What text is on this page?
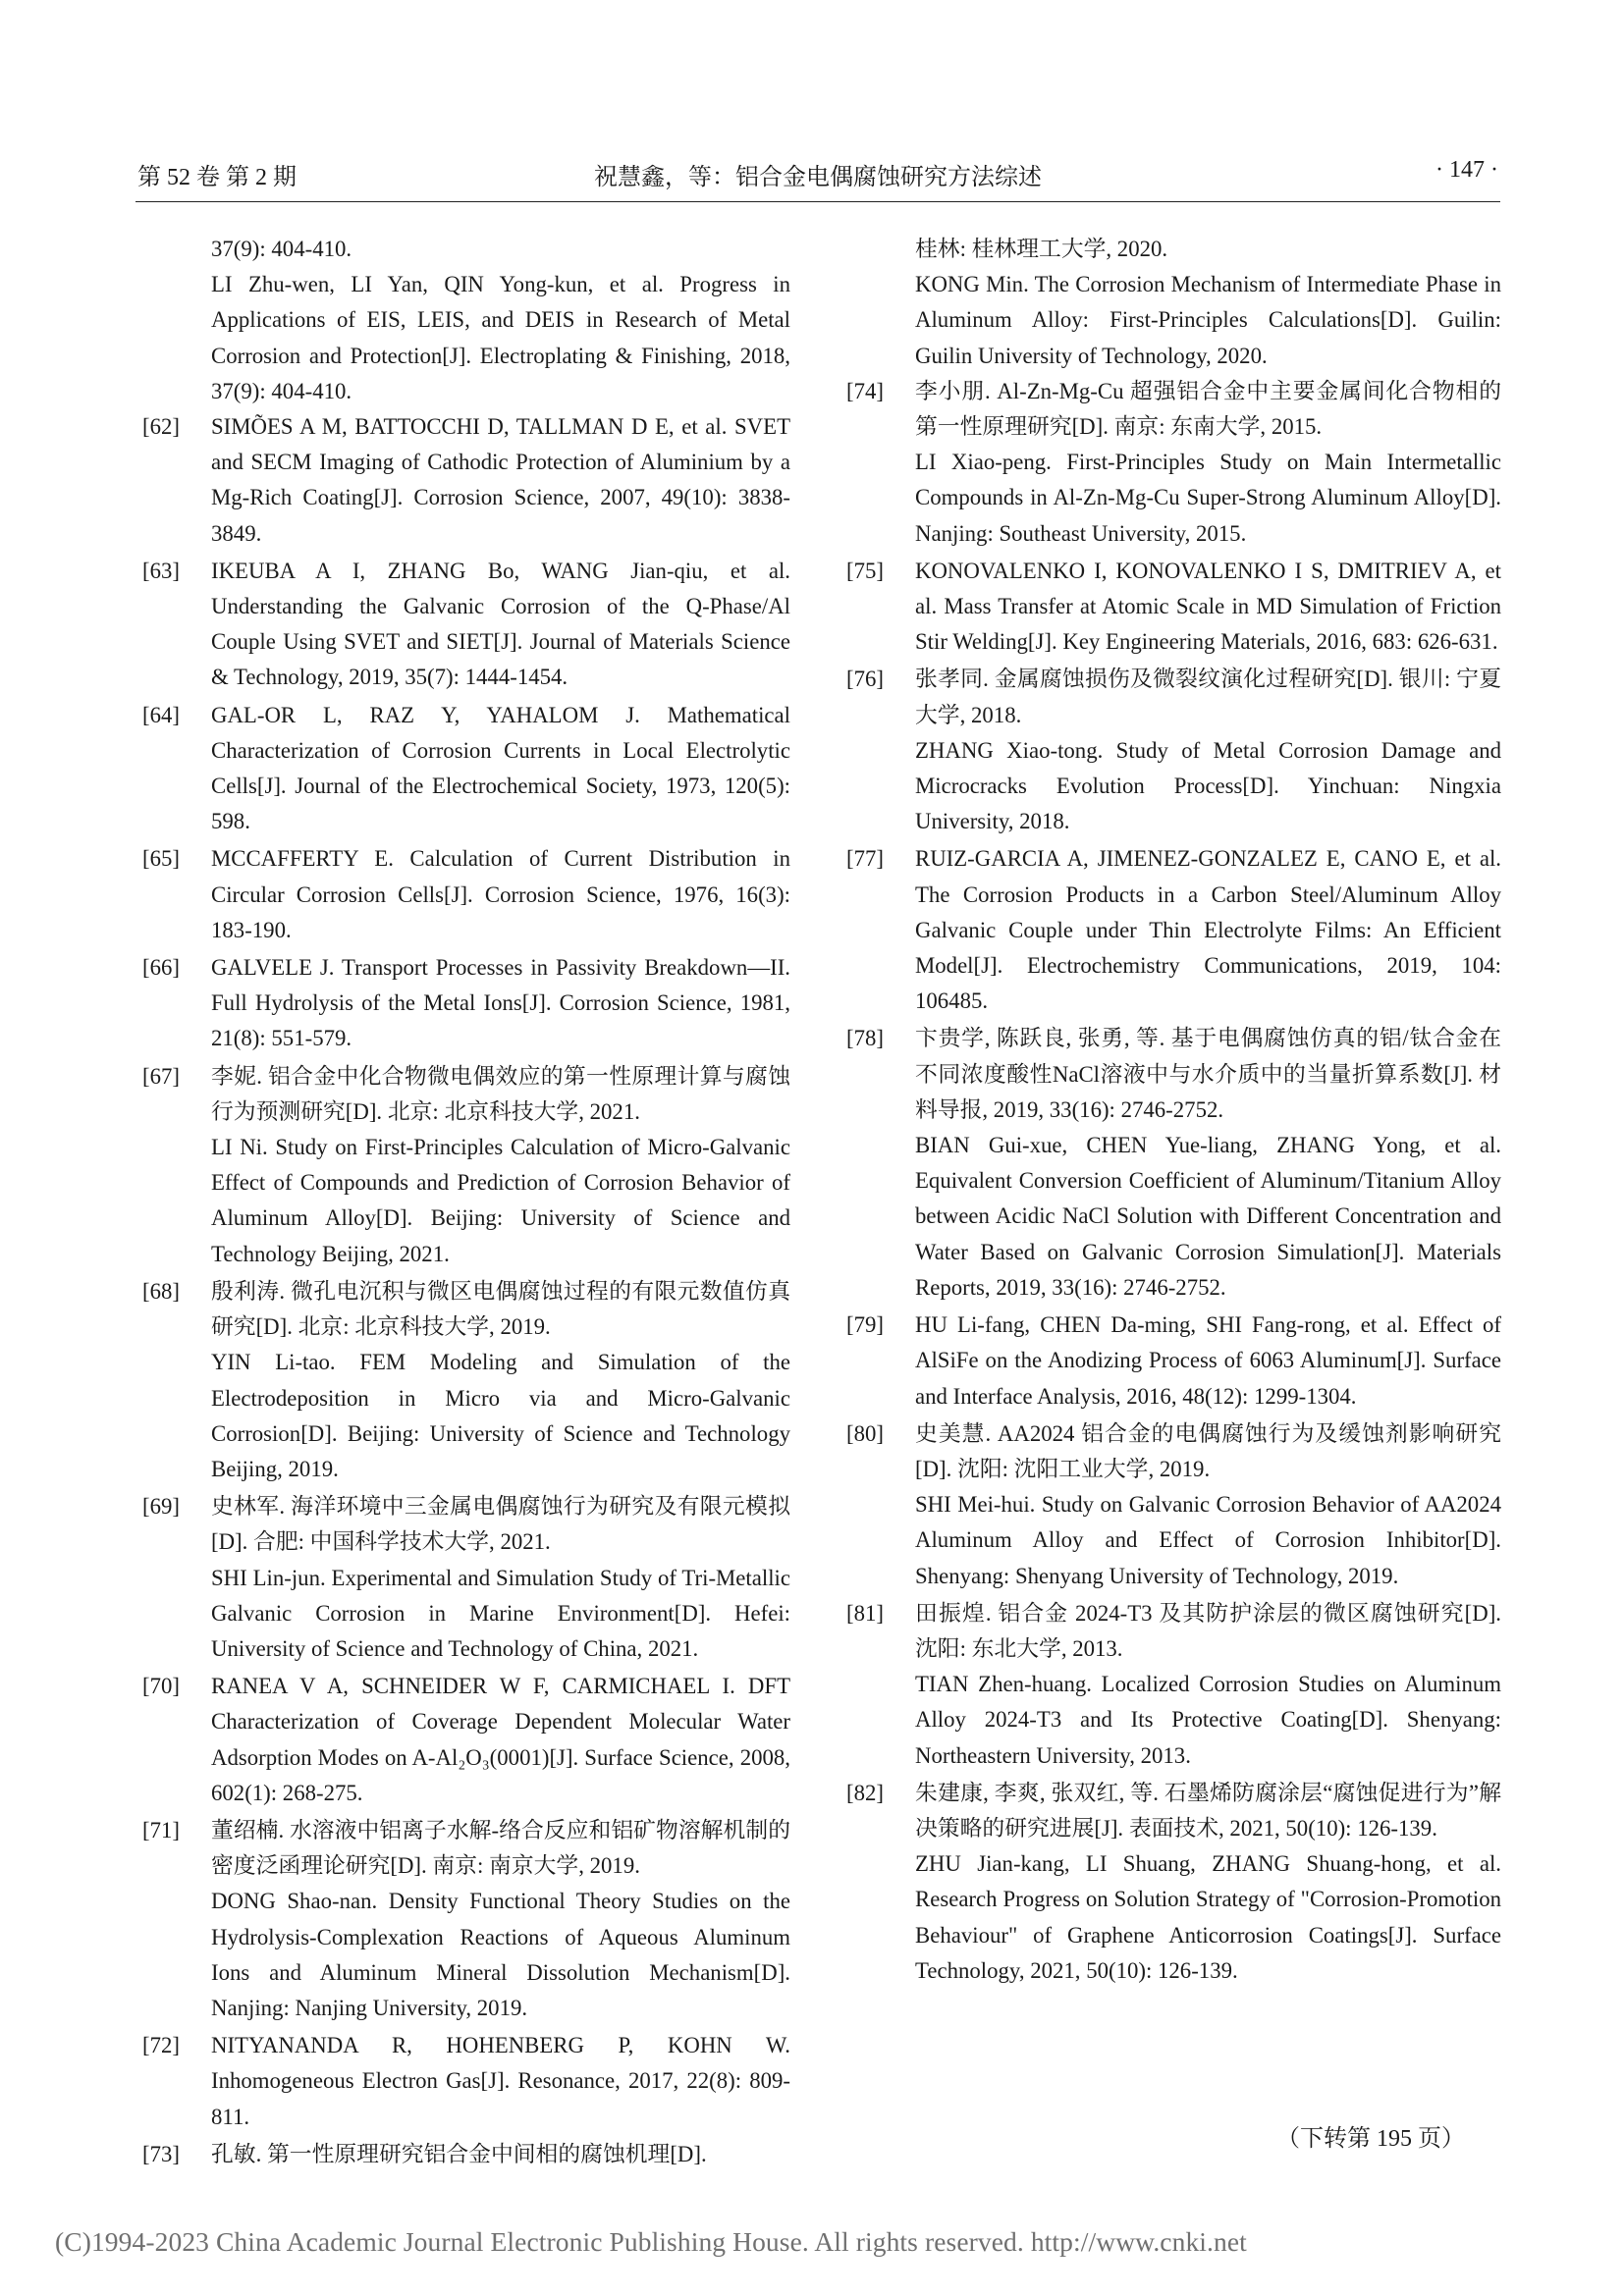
第 52 卷 第 2 期	祝慧鑫，等：铝合金电偶腐蚀研究方法综述	· 147 ·
37(9): 404-410.
LI Zhu-wen, LI Yan, QIN Yong-kun, et al. Progress in Applications of EIS, LEIS, and DEIS in Research of Metal Corrosion and Protection[J]. Electroplating & Finishing, 2018, 37(9): 404-410.
[62] SIMÕES A M, BATTOCCHI D, TALLMAN D E, et al. SVET and SECM Imaging of Cathodic Protection of Aluminium by a Mg-Rich Coating[J]. Corrosion Science, 2007, 49(10): 3838-3849.
[63] IKEUBA A I, ZHANG Bo, WANG Jian-qiu, et al. Understanding the Galvanic Corrosion of the Q-Phase/Al Couple Using SVET and SIET[J]. Journal of Materials Science & Technology, 2019, 35(7): 1444-1454.
[64] GAL-OR L, RAZ Y, YAHALOM J. Mathematical Characterization of Corrosion Currents in Local Electrolytic Cells[J]. Journal of the Electrochemical Society, 1973, 120(5): 598.
[65] MCCAFFERTY E. Calculation of Current Distribution in Circular Corrosion Cells[J]. Corrosion Science, 1976, 16(3): 183-190.
[66] GALVELE J. Transport Processes in Passivity Breakdown—II. Full Hydrolysis of the Metal Ions[J]. Corrosion Science, 1981, 21(8): 551-579.
[67] 李妮. 铝合金中化合物微电偶效应的第一性原理计算与腐蚀行为预测研究[D]. 北京: 北京科技大学, 2021.
LI Ni. Study on First-Principles Calculation of Micro-Galvanic Effect of Compounds and Prediction of Corrosion Behavior of Aluminum Alloy[D]. Beijing: University of Science and Technology Beijing, 2021.
[68] 殷利涛. 微孔电沉积与微区电偶腐蚀过程的有限元数值仿真研究[D]. 北京: 北京科技大学, 2019.
YIN Li-tao. FEM Modeling and Simulation of the Electrodeposition in Micro via and Micro-Galvanic Corrosion[D]. Beijing: University of Science and Technology Beijing, 2019.
[69] 史林军. 海洋环境中三金属电偶腐蚀行为研究及有限元模拟[D]. 合肥: 中国科学技术大学, 2021.
SHI Lin-jun. Experimental and Simulation Study of Tri-Metallic Galvanic Corrosion in Marine Environment[D]. Hefei: University of Science and Technology of China, 2021.
[70] RANEA V A, SCHNEIDER W F, CARMICHAEL I. DFT Characterization of Coverage Dependent Molecular Water Adsorption Modes on A-Al₂O₃(0001)[J]. Surface Science, 2008, 602(1): 268-275.
[71] 董绍楠. 水溶液中铝离子水解-络合反应和铝矿物溶解机制的密度泛函理论研究[D]. 南京: 南京大学, 2019.
DONG Shao-nan. Density Functional Theory Studies on the Hydrolysis-Complexation Reactions of Aqueous Aluminum Ions and Aluminum Mineral Dissolution Mechanism[D]. Nanjing: Nanjing University, 2019.
[72] NITYANANDA R, HOHENBERG P, KOHN W. Inhomogeneous Electron Gas[J]. Resonance, 2017, 22(8): 809-811.
[73] 孔敏. 第一性原理研究铝合金中间相的腐蚀机理[D].
桂林: 桂林理工大学, 2020.
KONG Min. The Corrosion Mechanism of Intermediate Phase in Aluminum Alloy: First-Principles Calculations[D]. Guilin: Guilin University of Technology, 2020.
[74] 李小朋. Al-Zn-Mg-Cu 超强铝合金中主要金属间化合物相的第一性原理研究[D]. 南京: 东南大学, 2015.
LI Xiao-peng. First-Principles Study on Main Intermetallic Compounds in Al-Zn-Mg-Cu Super-Strong Aluminum Alloy[D]. Nanjing: Southeast University, 2015.
[75] KONOVALENKO I, KONOVALENKO I S, DMITRIEV A, et al. Mass Transfer at Atomic Scale in MD Simulation of Friction Stir Welding[J]. Key Engineering Materials, 2016, 683: 626-631.
[76] 张孝同. 金属腐蚀损伤及微裂纹演化过程研究[D]. 银川: 宁夏大学, 2018.
ZHANG Xiao-tong. Study of Metal Corrosion Damage and Microcracks Evolution Process[D]. Yinchuan: Ningxia University, 2018.
[77] RUIZ-GARCIA A, JIMENEZ-GONZALEZ E, CANO E, et al. The Corrosion Products in a Carbon Steel/Aluminum Alloy Galvanic Couple under Thin Electrolyte Films: An Efficient Model[J]. Electrochemistry Communications, 2019, 104: 106485.
[78] 卞贵学, 陈跃良, 张勇, 等. 基于电偶腐蚀仿真的铝/钛合金在不同浓度酸性NaCl溶液中与水介质中的当量折算系数[J]. 材料导报, 2019, 33(16): 2746-2752.
BIAN Gui-xue, CHEN Yue-liang, ZHANG Yong, et al. Equivalent Conversion Coefficient of Aluminum/Titanium Alloy between Acidic NaCl Solution with Different Concentration and Water Based on Galvanic Corrosion Simulation[J]. Materials Reports, 2019, 33(16): 2746-2752.
[79] HU Li-fang, CHEN Da-ming, SHI Fang-rong, et al. Effect of AlSiFe on the Anodizing Process of 6063 Aluminum[J]. Surface and Interface Analysis, 2016, 48(12): 1299-1304.
[80] 史美慧. AA2024 铝合金的电偶腐蚀行为及缓蚀剂影响研究[D]. 沈阳: 沈阳工业大学, 2019.
SHI Mei-hui. Study on Galvanic Corrosion Behavior of AA2024 Aluminum Alloy and Effect of Corrosion Inhibitor[D]. Shenyang: Shenyang University of Technology, 2019.
[81] 田振煌. 铝合金 2024-T3 及其防护涂层的微区腐蚀研究[D]. 沈阳: 东北大学, 2013.
TIAN Zhen-huang. Localized Corrosion Studies on Aluminum Alloy 2024-T3 and Its Protective Coating[D]. Shenyang: Northeastern University, 2013.
[82] 朱建康, 李爽, 张双红, 等. 石墨烯防腐涂层“腐蚀促进行为”解决策略的研究进展[J]. 表面技术, 2021, 50(10): 126-139.
ZHU Jian-kang, LI Shuang, ZHANG Shuang-hong, et al. Research Progress on Solution Strategy of "Corrosion-Promotion Behaviour" of Graphene Anticorrosion Coatings[J]. Surface Technology, 2021, 50(10): 126-139.
（下转第 195 页）
(C)1994-2023 China Academic Journal Electronic Publishing House. All rights reserved. http://www.cnki.net
